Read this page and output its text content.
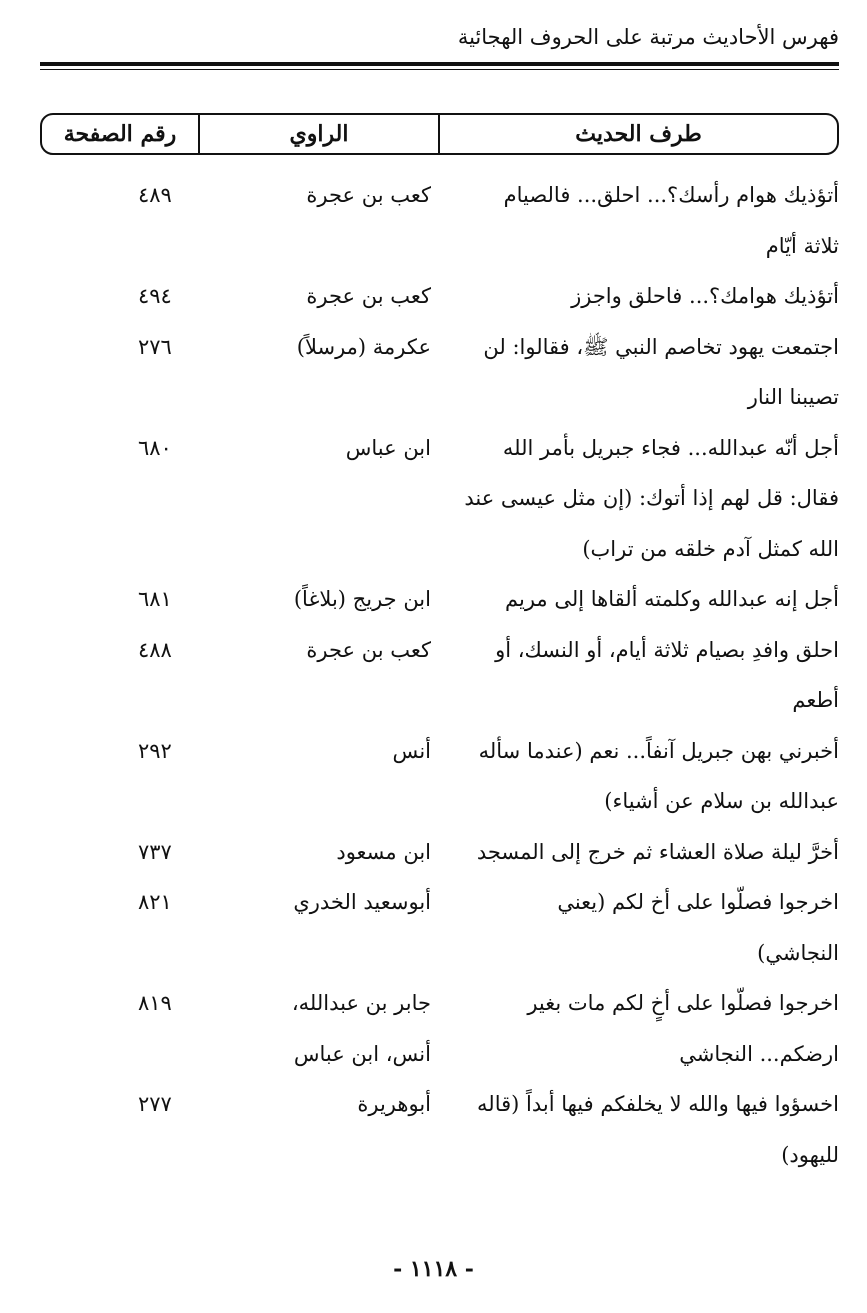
فهرس الأحاديث مرتبة على الحروف الهجائية
طرف الحديث
الراوي
رقم الصفحة
أتؤذيك هوام رأسك؟... احلق... فالصيام
ثلاثة أيّام
كعب بن عجرة
٤٨٩
أتؤذيك هوامك؟... فاحلق واجزز
كعب بن عجرة
٤٩٤
اجتمعت يهود تخاصم النبي ﷺ، فقالوا: لن
تصيبنا النار
عكرمة (مرسلاً)
٢٧٦
أجل أنّه عبدالله... فجاء جبريل بأمر الله
فقال: قل لهم إذا أتوك: (إن مثل عيسى عند
الله كمثل آدم خلقه من تراب)
ابن عباس
٦٨٠
أجل إنه عبدالله وكلمته ألقاها إلى مريم
ابن جريج (بلاغاً)
٦٨١
احلق وافدِ بصيام ثلاثة أيام، أو النسك، أو
أطعم
كعب بن عجرة
٤٨٨
أخبرني بهن جبريل آنفاً... نعم (عندما سأله
عبدالله بن سلام عن أشياء)
أنس
٢٩٢
أخرَّ ليلة صلاة العشاء ثم خرج إلى المسجد
ابن مسعود
٧٣٧
اخرجوا فصلّوا على أخ لكم (يعني
النجاشي)
أبوسعيد الخدري
٨٢١
اخرجوا فصلّوا على أخٍ لكم مات بغير
ارضكم... النجاشي
جابر بن عبدالله،
أنس، ابن عباس
٨١٩
اخسؤوا فيها والله لا يخلفكم فيها أبداً (قاله
لليهود)
أبوهريرة
٢٧٧
- ١١١٨ -
